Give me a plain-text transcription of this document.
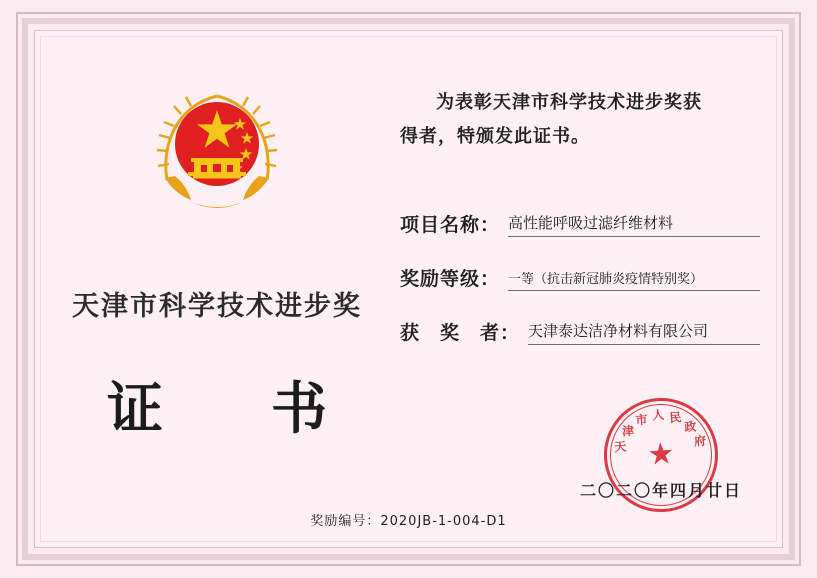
天津市科学技术进步奖
证　书
为表彰天津市科学技术进步奖获
得者，特颁发此证书。
项目名称： 高性能呼吸过滤纤维材料
奖励等级： 一等（抗击新冠肺炎疫情特别奖）
获　奖　者： 天津泰达洁净材料有限公司
★
天
津
市 人 民
政
府
二〇二〇年四月廿日
奖励编号：2020JB-1-004-D1
